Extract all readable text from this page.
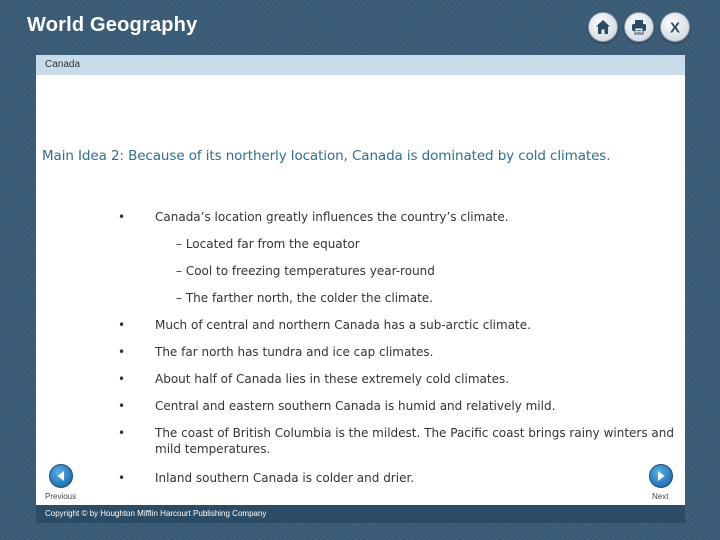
World Geography	X
Canada
Main Idea 2: Because of its northerly location, Canada is dominated by cold climates.
•	Canada’s location greatly influences the country’s climate.
– Located far from the equator
– Cool to freezing temperatures year-round
– The farther north, the colder the climate.
•	Much of central and northern Canada has a sub-arctic climate.
•	The far north has tundra and ice cap climates.
•	About half of Canada lies in these extremely cold climates.
•	Central and eastern southern Canada is humid and relatively mild.
•	The coast of British Columbia is the mildest. The Pacific coast brings rainy winters and mild temperatures.
•	Inland southern Canada is colder and drier.
Previous	Next
Copyright © by Houghton Mifflin Harcourt Publishing Company
